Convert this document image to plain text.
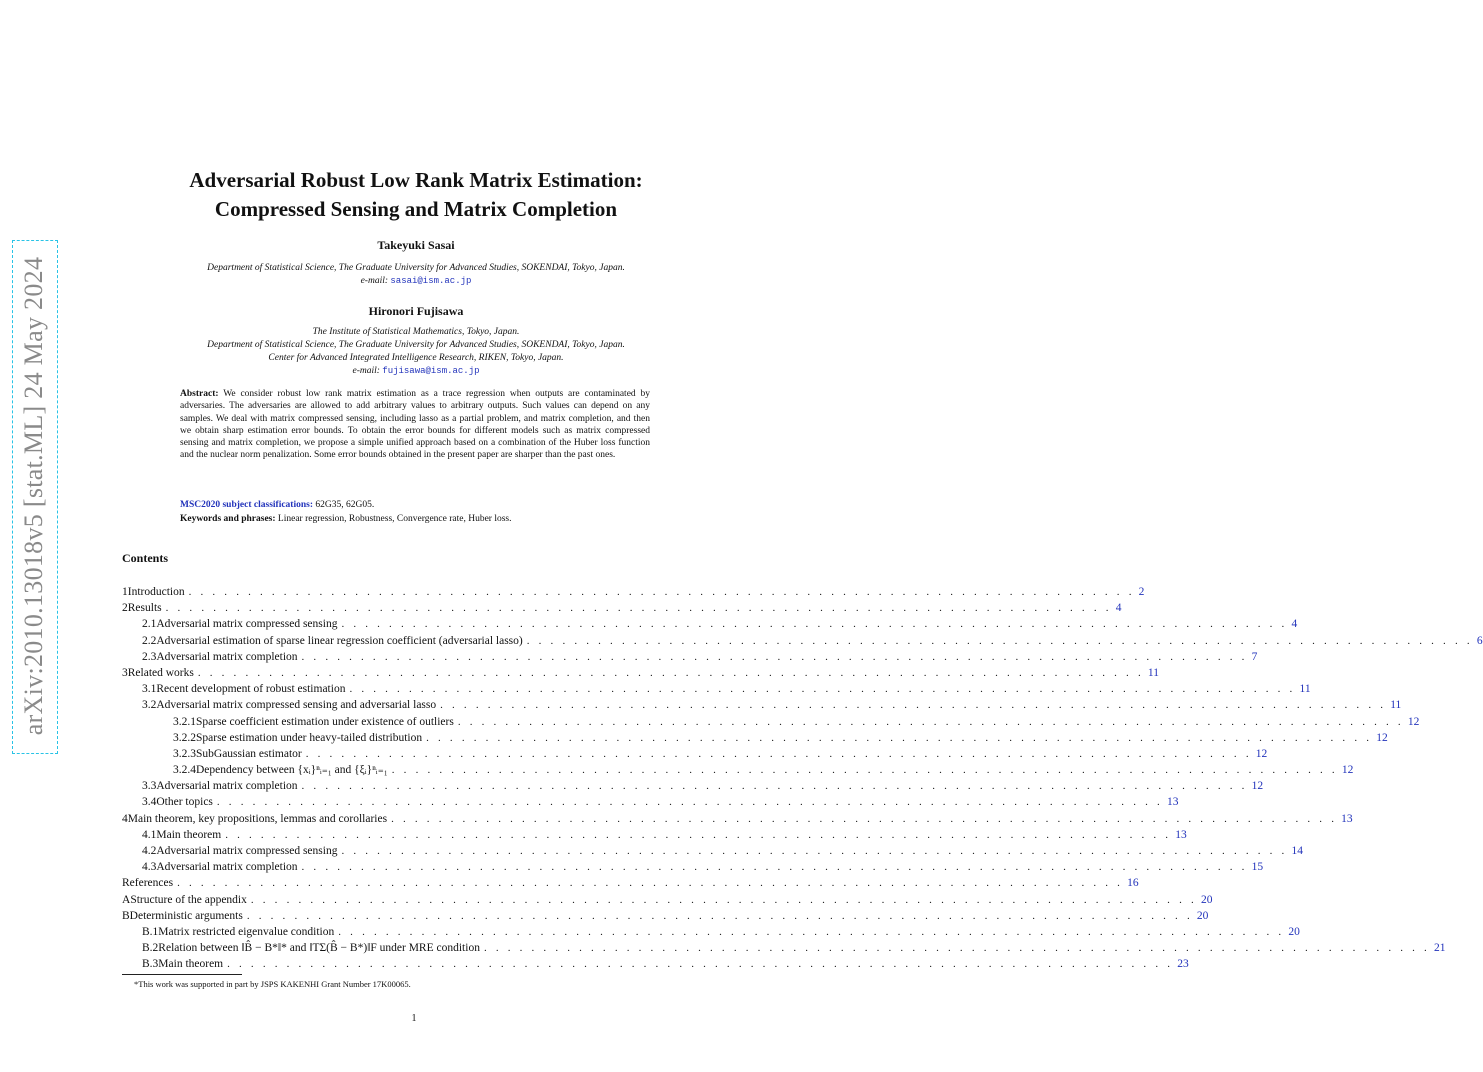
arXiv:2010.13018v5 [stat.ML] 24 May 2024
Adversarial Robust Low Rank Matrix Estimation:
Compressed Sensing and Matrix Completion
Takeyuki Sasai
Department of Statistical Science, The Graduate University for Advanced Studies, SOKENDAI, Tokyo, Japan.
e-mail: sasai@ism.ac.jp
Hironori Fujisawa
The Institute of Statistical Mathematics, Tokyo, Japan.
Department of Statistical Science, The Graduate University for Advanced Studies, SOKENDAI, Tokyo, Japan.
Center for Advanced Integrated Intelligence Research, RIKEN, Tokyo, Japan.
e-mail: fujisawa@ism.ac.jp
Abstract: We consider robust low rank matrix estimation as a trace regression when outputs are contaminated by adversaries. The adversaries are allowed to add arbitrary values to arbitrary outputs. Such values can depend on any samples. We deal with matrix compressed sensing, including lasso as a partial problem, and matrix completion, and then we obtain sharp estimation error bounds. To obtain the error bounds for different models such as matrix compressed sensing and matrix completion, we propose a simple unified approach based on a combination of the Huber loss function and the nuclear norm penalization. Some error bounds obtained in the present paper are sharper than the past ones.
MSC2020 subject classifications: 62G35, 62G05.
Keywords and phrases: Linear regression, Robustness, Convergence rate, Huber loss.
Contents
1 Introduction . . . . . . . . . . . . . . . . . . . . . . . . . . . . . . . . . . . . . . . . . . . . . . . . . . . . . . . . . . . . . . . . . . . . . . . . . . . . . . . . 2
2 Results . . . . . . . . . . . . . . . . . . . . . . . . . . . . . . . . . . . . . . . . . . . . . . . . . . . . . . . . . . . . . . . . . . . . . . . . . . . . . . . . 4
2.1 Adversarial matrix compressed sensing . . . . . . . . . . . . . . . . . . . . . . . . . . . . . . . . . . . . . . . . . . . . . . . . . . . . . . . . . . . . . . . . . . . . . . . . . . . . . . . . 4
2.2 Adversarial estimation of sparse linear regression coefficient (adversarial lasso) . . . . . . . . . . . . . . . . . . . . . . . . . . . . . . . . . . . . . . . . . . . . . . . . . . . . . . . . . . . . . . . . . . . . . . . . . . . . . . . . 6
2.3 Adversarial matrix completion . . . . . . . . . . . . . . . . . . . . . . . . . . . . . . . . . . . . . . . . . . . . . . . . . . . . . . . . . . . . . . . . . . . . . . . . . . . . . . . . 7
3 Related works . . . . . . . . . . . . . . . . . . . . . . . . . . . . . . . . . . . . . . . . . . . . . . . . . . . . . . . . . . . . . . . . . . . . . . . . . . . . . . . . 11
3.1 Recent development of robust estimation . . . . . . . . . . . . . . . . . . . . . . . . . . . . . . . . . . . . . . . . . . . . . . . . . . . . . . . . . . . . . . . . . . . . . . . . . . . . . . . . 11
3.2 Adversarial matrix compressed sensing and adversarial lasso . . . . . . . . . . . . . . . . . . . . . . . . . . . . . . . . . . . . . . . . . . . . . . . . . . . . . . . . . . . . . . . . . . . . . . . . . . . . . . . . 11
3.2.1 Sparse coefficient estimation under existence of outliers . . . . . . . . . . . . . . . . . . . . . . . . . . . . . . . . . . . . . . . . . . . . . . . . . . . . . . . . . . . . . . . . . . . . . . . . . . . . . . . . 12
3.2.2 Sparse estimation under heavy-tailed distribution . . . . . . . . . . . . . . . . . . . . . . . . . . . . . . . . . . . . . . . . . . . . . . . . . . . . . . . . . . . . . . . . . . . . . . . . . . . . . . . . 12
3.2.3 SubGaussian estimator . . . . . . . . . . . . . . . . . . . . . . . . . . . . . . . . . . . . . . . . . . . . . . . . . . . . . . . . . . . . . . . . . . . . . . . . . . . . . . . . 12
3.2.4 Dependency between {xᵢ}ⁿᵢ₌₁ and {ξᵢ}ⁿᵢ₌₁ . . . . . . . . . . . . . . . . . . . . . . . . . . . . . . . . . . . . . . . . . . . . . . . . . . . . . . . . . . . . . . . . . . . . . . . . . . . . . . . . 12
3.3 Adversarial matrix completion . . . . . . . . . . . . . . . . . . . . . . . . . . . . . . . . . . . . . . . . . . . . . . . . . . . . . . . . . . . . . . . . . . . . . . . . . . . . . . . . 12
3.4 Other topics . . . . . . . . . . . . . . . . . . . . . . . . . . . . . . . . . . . . . . . . . . . . . . . . . . . . . . . . . . . . . . . . . . . . . . . . . . . . . . . . 13
4 Main theorem, key propositions, lemmas and corollaries . . . . . . . . . . . . . . . . . . . . . . . . . . . . . . . . . . . . . . . . . . . . . . . . . . . . . . . . . . . . . . . . . . . . . . . . . . . . . . . . 13
4.1 Main theorem . . . . . . . . . . . . . . . . . . . . . . . . . . . . . . . . . . . . . . . . . . . . . . . . . . . . . . . . . . . . . . . . . . . . . . . . . . . . . . . . 13
4.2 Adversarial matrix compressed sensing . . . . . . . . . . . . . . . . . . . . . . . . . . . . . . . . . . . . . . . . . . . . . . . . . . . . . . . . . . . . . . . . . . . . . . . . . . . . . . . . 14
4.3 Adversarial matrix completion . . . . . . . . . . . . . . . . . . . . . . . . . . . . . . . . . . . . . . . . . . . . . . . . . . . . . . . . . . . . . . . . . . . . . . . . . . . . . . . . 15
References . . . . . . . . . . . . . . . . . . . . . . . . . . . . . . . . . . . . . . . . . . . . . . . . . . . . . . . . . . . . . . . . . . . . . . . . . . . . . . . . 16
A Structure of the appendix . . . . . . . . . . . . . . . . . . . . . . . . . . . . . . . . . . . . . . . . . . . . . . . . . . . . . . . . . . . . . . . . . . . . . . . . . . . . . . . . 20
B Deterministic arguments . . . . . . . . . . . . . . . . . . . . . . . . . . . . . . . . . . . . . . . . . . . . . . . . . . . . . . . . . . . . . . . . . . . . . . . . . . . . . . . . 20
B.1 Matrix restricted eigenvalue condition . . . . . . . . . . . . . . . . . . . . . . . . . . . . . . . . . . . . . . . . . . . . . . . . . . . . . . . . . . . . . . . . . . . . . . . . . . . . . . . . 20
B.2 Relation between ‖B̂ − B*‖* and ‖TΣ(B̂ − B*)‖F under MRE condition . . . . . . . . . . . . . . . . . . . . . . . . . . . . . . . . . . . . . . . . . . . . . . . . . . . . . . . . . . . . . . . . . . . . . . . . . . . . . . . . 21
B.3 Main theorem . . . . . . . . . . . . . . . . . . . . . . . . . . . . . . . . . . . . . . . . . . . . . . . . . . . . . . . . . . . . . . . . . . . . . . . . . . . . . . . . 23
*This work was supported in part by JSPS KAKENHI Grant Number 17K00065.
1
